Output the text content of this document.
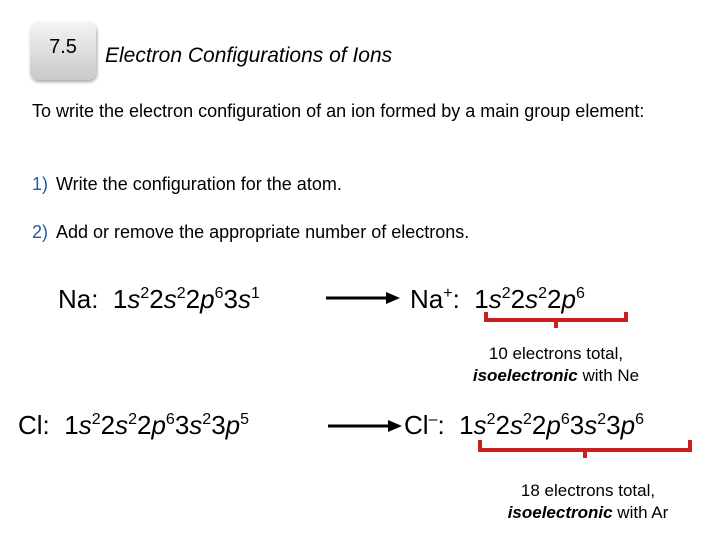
7.5 Electron Configurations of Ions
To write the electron configuration of an ion formed by a main group element:
1) Write the configuration for the atom.
2) Add or remove the appropriate number of electrons.
Na: $1s^22s^22p^63s^1$	Na+: $1s^22s^22p^6$
10 electrons total,
isoelectronic with Ne
Cl: $1s^22s^22p^63s^23p^5$	Cl–: $1s^22s^22p^63s^23p^6$
18 electrons total,
isoelectronic with Ar
